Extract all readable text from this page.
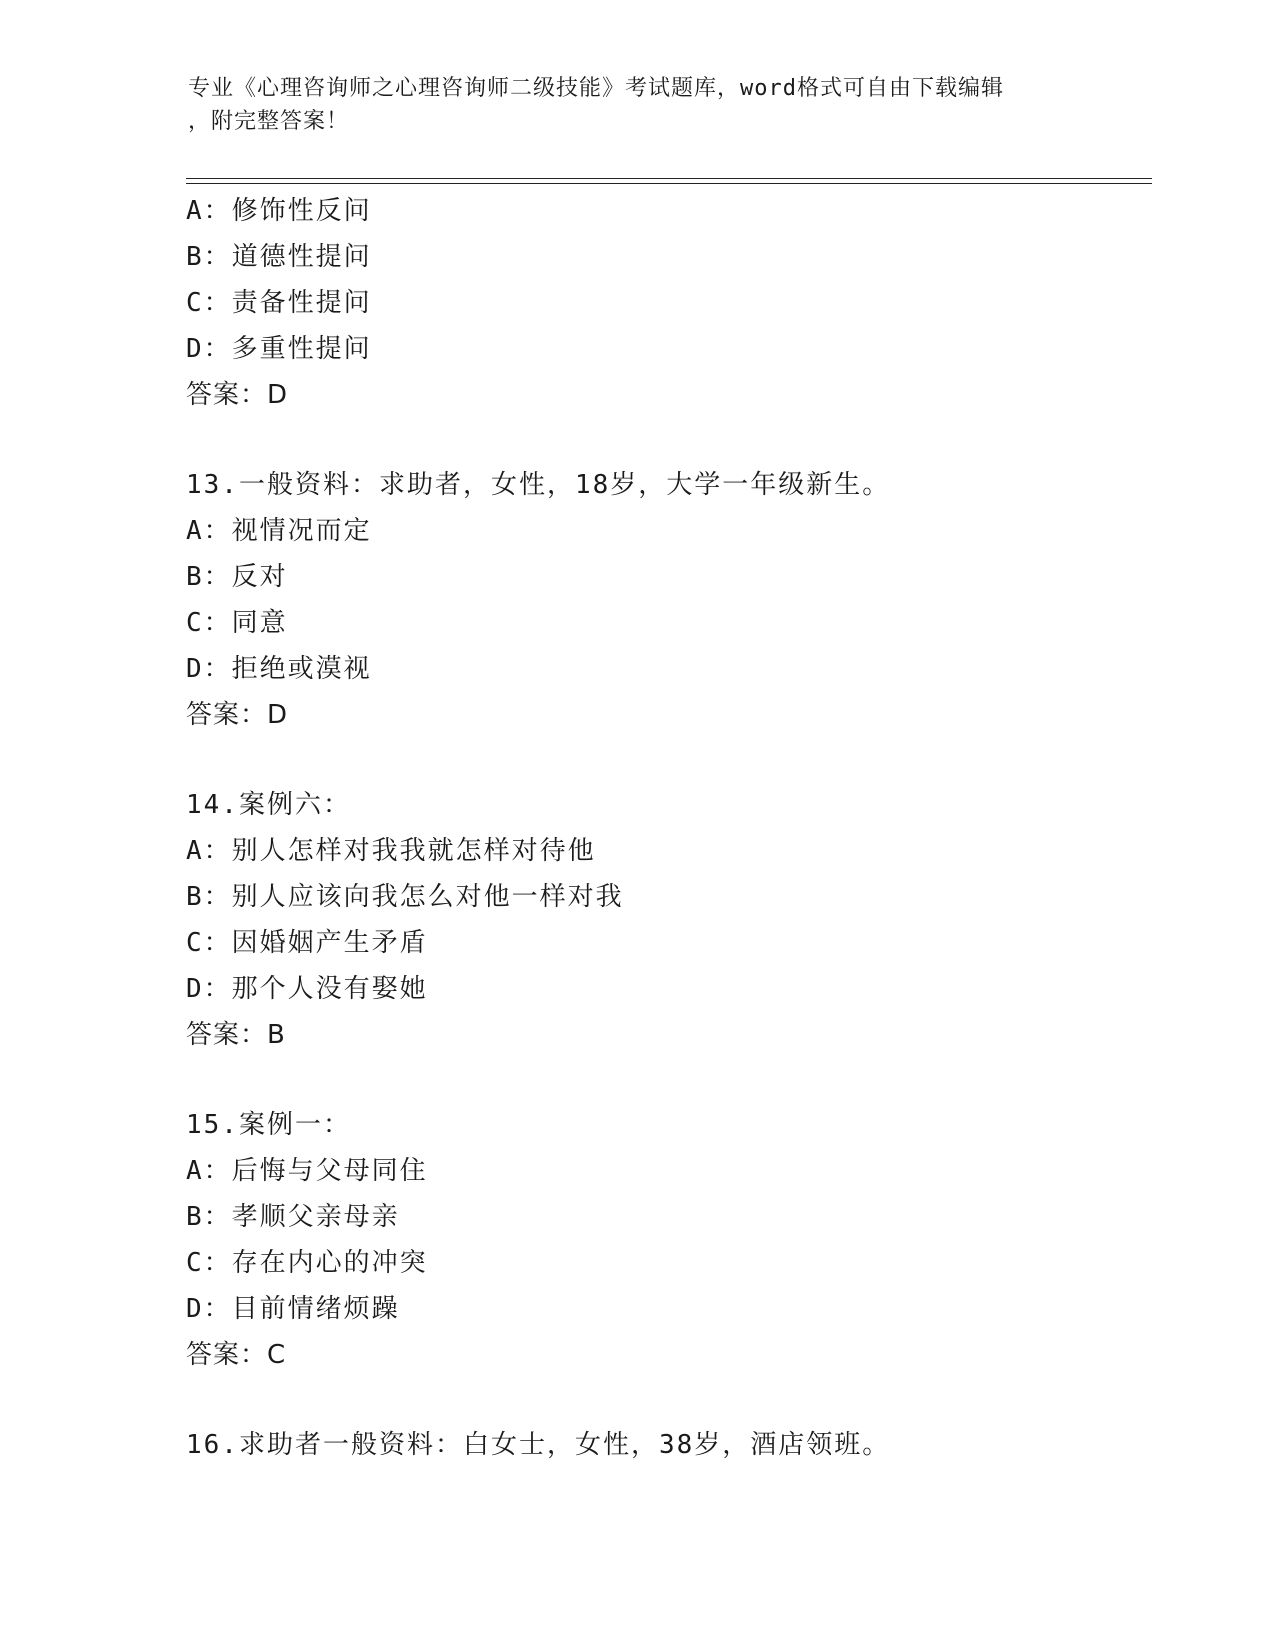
专业《心理咨询师之心理咨询师二级技能》考试题库，word格式可自由下载编辑
，附完整答案！
A：修饰性反问
B：道德性提问
C：责备性提问
D：多重性提问
答案：D
13.一般资料：求助者，女性，18岁，大学一年级新生。
A：视情况而定
B：反对
C：同意
D：拒绝或漠视
答案：D
14.案例六：
A：别人怎样对我我就怎样对待他
B：别人应该向我怎么对他一样对我
C：因婚姻产生矛盾
D：那个人没有娶她
答案：B
15.案例一：
A：后悔与父母同住
B：孝顺父亲母亲
C：存在内心的冲突
D：目前情绪烦躁
答案：C
16.求助者一般资料：白女士，女性，38岁，酒店领班。
